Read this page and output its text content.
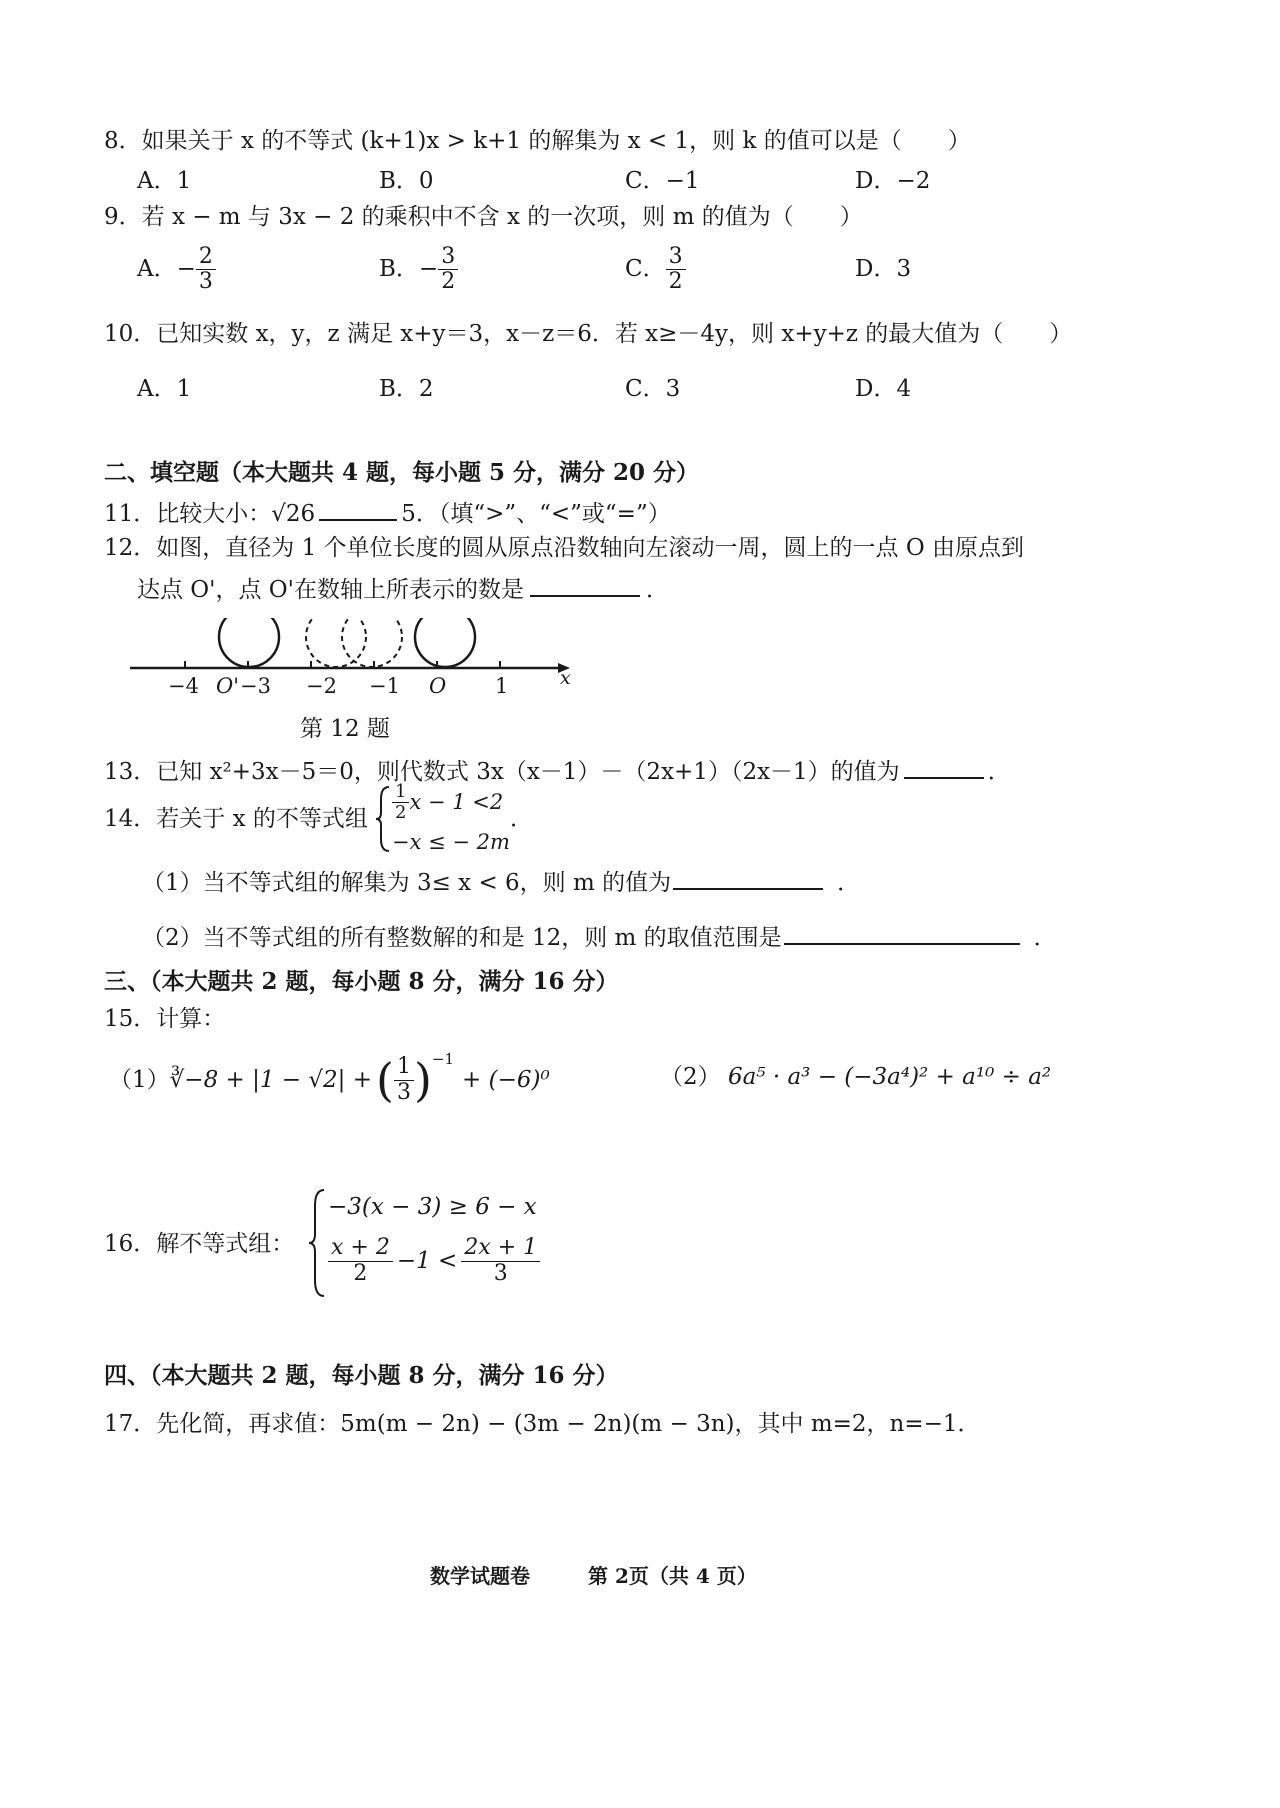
8．如果关于 x 的不等式 (k+1)x > k+1 的解集为 x < 1，则 k 的值可以是（　　）
A．1	B．0	C．−1	D．−2
9．若 x − m 与 3x − 2 的乘积中不含 x 的一次项，则 m 的值为（　　）
A． − $\frac{2}{3}$	B． − $\frac{3}{2}$	C． $\frac{3}{2}$	D．3
10．已知实数 x，y，z 满足 x+y＝3，x－z＝6．若 x≥－4y，则 x+y+z 的最大值为（　　）
A．1	B．2	C．3	D．4
二、填空题（本大题共 4 题，每小题 5 分，满分 20 分）
11．比较大小：√26	5．（填“>”、“<”或“=”）
12．如图，直径为 1 个单位长度的圆从原点沿数轴向左滚动一周，圆上的一点 O 由原点到
达点 O'，点 O'在数轴上所表示的数是	．
−4 O' −3 −2 −1 O 1	x
第 12 题
13．已知 x²+3x－5＝0，则代数式 3x（x－1）－（2x+1）（2x－1）的值为	．
14．若关于 x 的不等式组 $\frac{1}{2}$ x − 1 <2
−x ≤ − 2m
．
（1）当不等式组的解集为 3≤ x < 6，则 m 的值为	．
（2）当不等式组的所有整数解的和是 12，则 m 的取值范围是	．
三、（本大题共 2 题，每小题 8 分，满分 16 分）
15．计算：
（1） ∛−8 + |1 − √2| + ( $\frac{1}{3}$ ) −1
+ (−6)⁰	（2） 6a⁵ · a³ − (−3a⁴)² + a¹⁰ ÷ a²
16．解不等式组：
−3(x − 3) ≥ 6 − x
$\frac{x + 2}{2} -1 < \frac{2x + 1}{3}$
四、（本大题共 2 题，每小题 8 分，满分 16 分）
17．先化简，再求值：5m(m − 2n) − (3m − 2n)(m − 3n)，其中 m=2，n=−1．
数学试题卷	第 2页（共 4 页）
